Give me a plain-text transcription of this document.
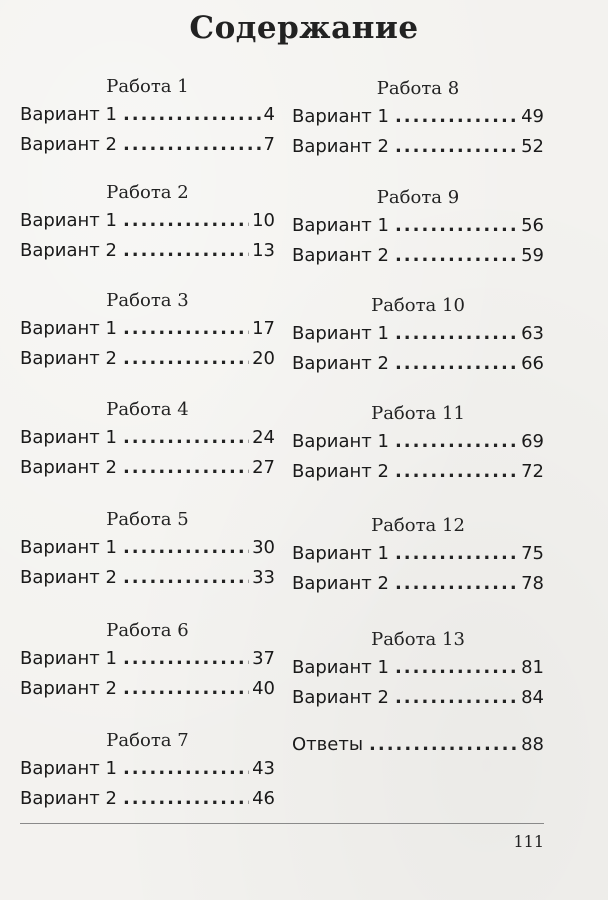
Содержание
Работа 1
Вариант 1 .....	4
Вариант 2 .....	7
Работа 2
Вариант 1 .....	10
Вариант 2 .....	13
Работа 3
Вариант 1 .....	17
Вариант 2 .....	20
Работа 4
Вариант 1 .....	24
Вариант 2 .....	27
Работа 5
Вариант 1 .....	30
Вариант 2 .....	33
Работа 6
Вариант 1 .....	37
Вариант 2 .....	40
Работа 7
Вариант 1 .....	43
Вариант 2 .....	46
Работа 8
Вариант 1 .....	49
Вариант 2 .....	52
Работа 9
Вариант 1 .....	56
Вариант 2 .....	59
Работа 10
Вариант 1 .....	63
Вариант 2 .....	66
Работа 11
Вариант 1 .....	69
Вариант 2 .....	72
Работа 12
Вариант 1 .....	75
Вариант 2 .....	78
Работа 13
Вариант 1 .....	81
Вариант 2 .....	84
Ответы .....	88
111
